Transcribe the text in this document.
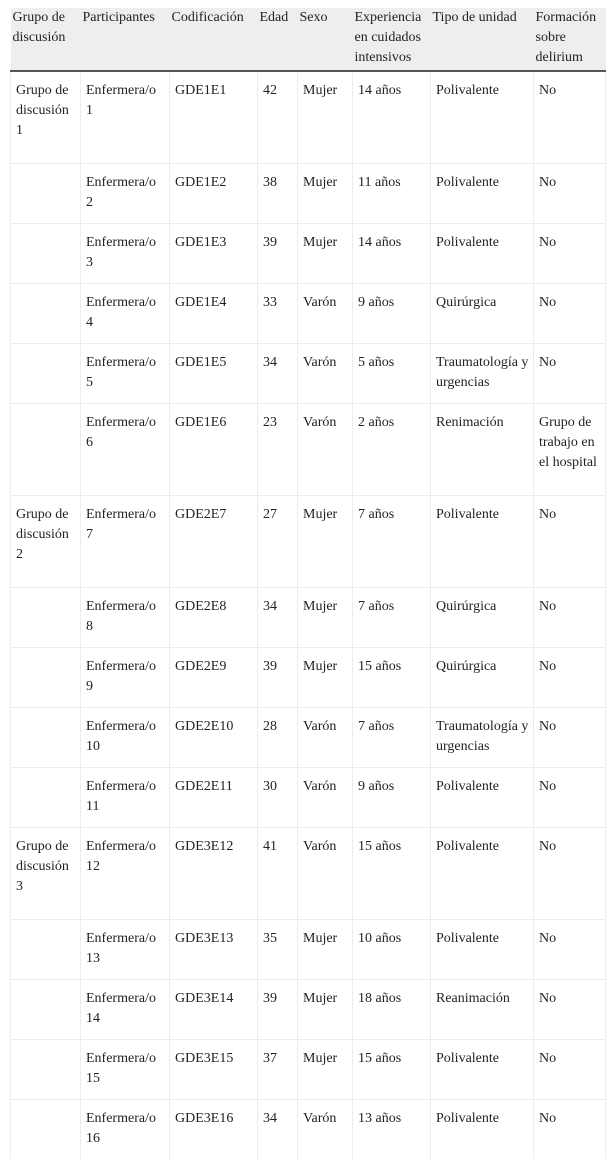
Grupo de discusión	Participantes	Codificación	Edad	Sexo	Experiencia en cuidados intensivos	Tipo de unidad	Formación sobre delirium
Grupo de discusión 1	Enfermera/o 1	GDE1E1	42	Mujer	14 años	Polivalente	No
	Enfermera/o 2	GDE1E2	38	Mujer	11 años	Polivalente	No
	Enfermera/o 3	GDE1E3	39	Mujer	14 años	Polivalente	No
	Enfermera/o 4	GDE1E4	33	Varón	9 años	Quirúrgica	No
	Enfermera/o 5	GDE1E5	34	Varón	5 años	Traumatología y urgencias	No
	Enfermera/o 6	GDE1E6	23	Varón	2 años	Renimación	Grupo de trabajo en el hospital
Grupo de discusión 2	Enfermera/o 7	GDE2E7	27	Mujer	7 años	Polivalente	No
	Enfermera/o 8	GDE2E8	34	Mujer	7 años	Quirúrgica	No
	Enfermera/o 9	GDE2E9	39	Mujer	15 años	Quirúrgica	No
	Enfermera/o 10	GDE2E10	28	Varón	7 años	Traumatología y urgencias	No
	Enfermera/o 11	GDE2E11	30	Varón	9 años	Polivalente	No
Grupo de discusión 3	Enfermera/o 12	GDE3E12	41	Varón	15 años	Polivalente	No
	Enfermera/o 13	GDE3E13	35	Mujer	10 años	Polivalente	No
	Enfermera/o 14	GDE3E14	39	Mujer	18 años	Reanimación	No
	Enfermera/o 15	GDE3E15	37	Mujer	15 años	Polivalente	No
	Enfermera/o 16	GDE3E16	34	Varón	13 años	Polivalente	No
